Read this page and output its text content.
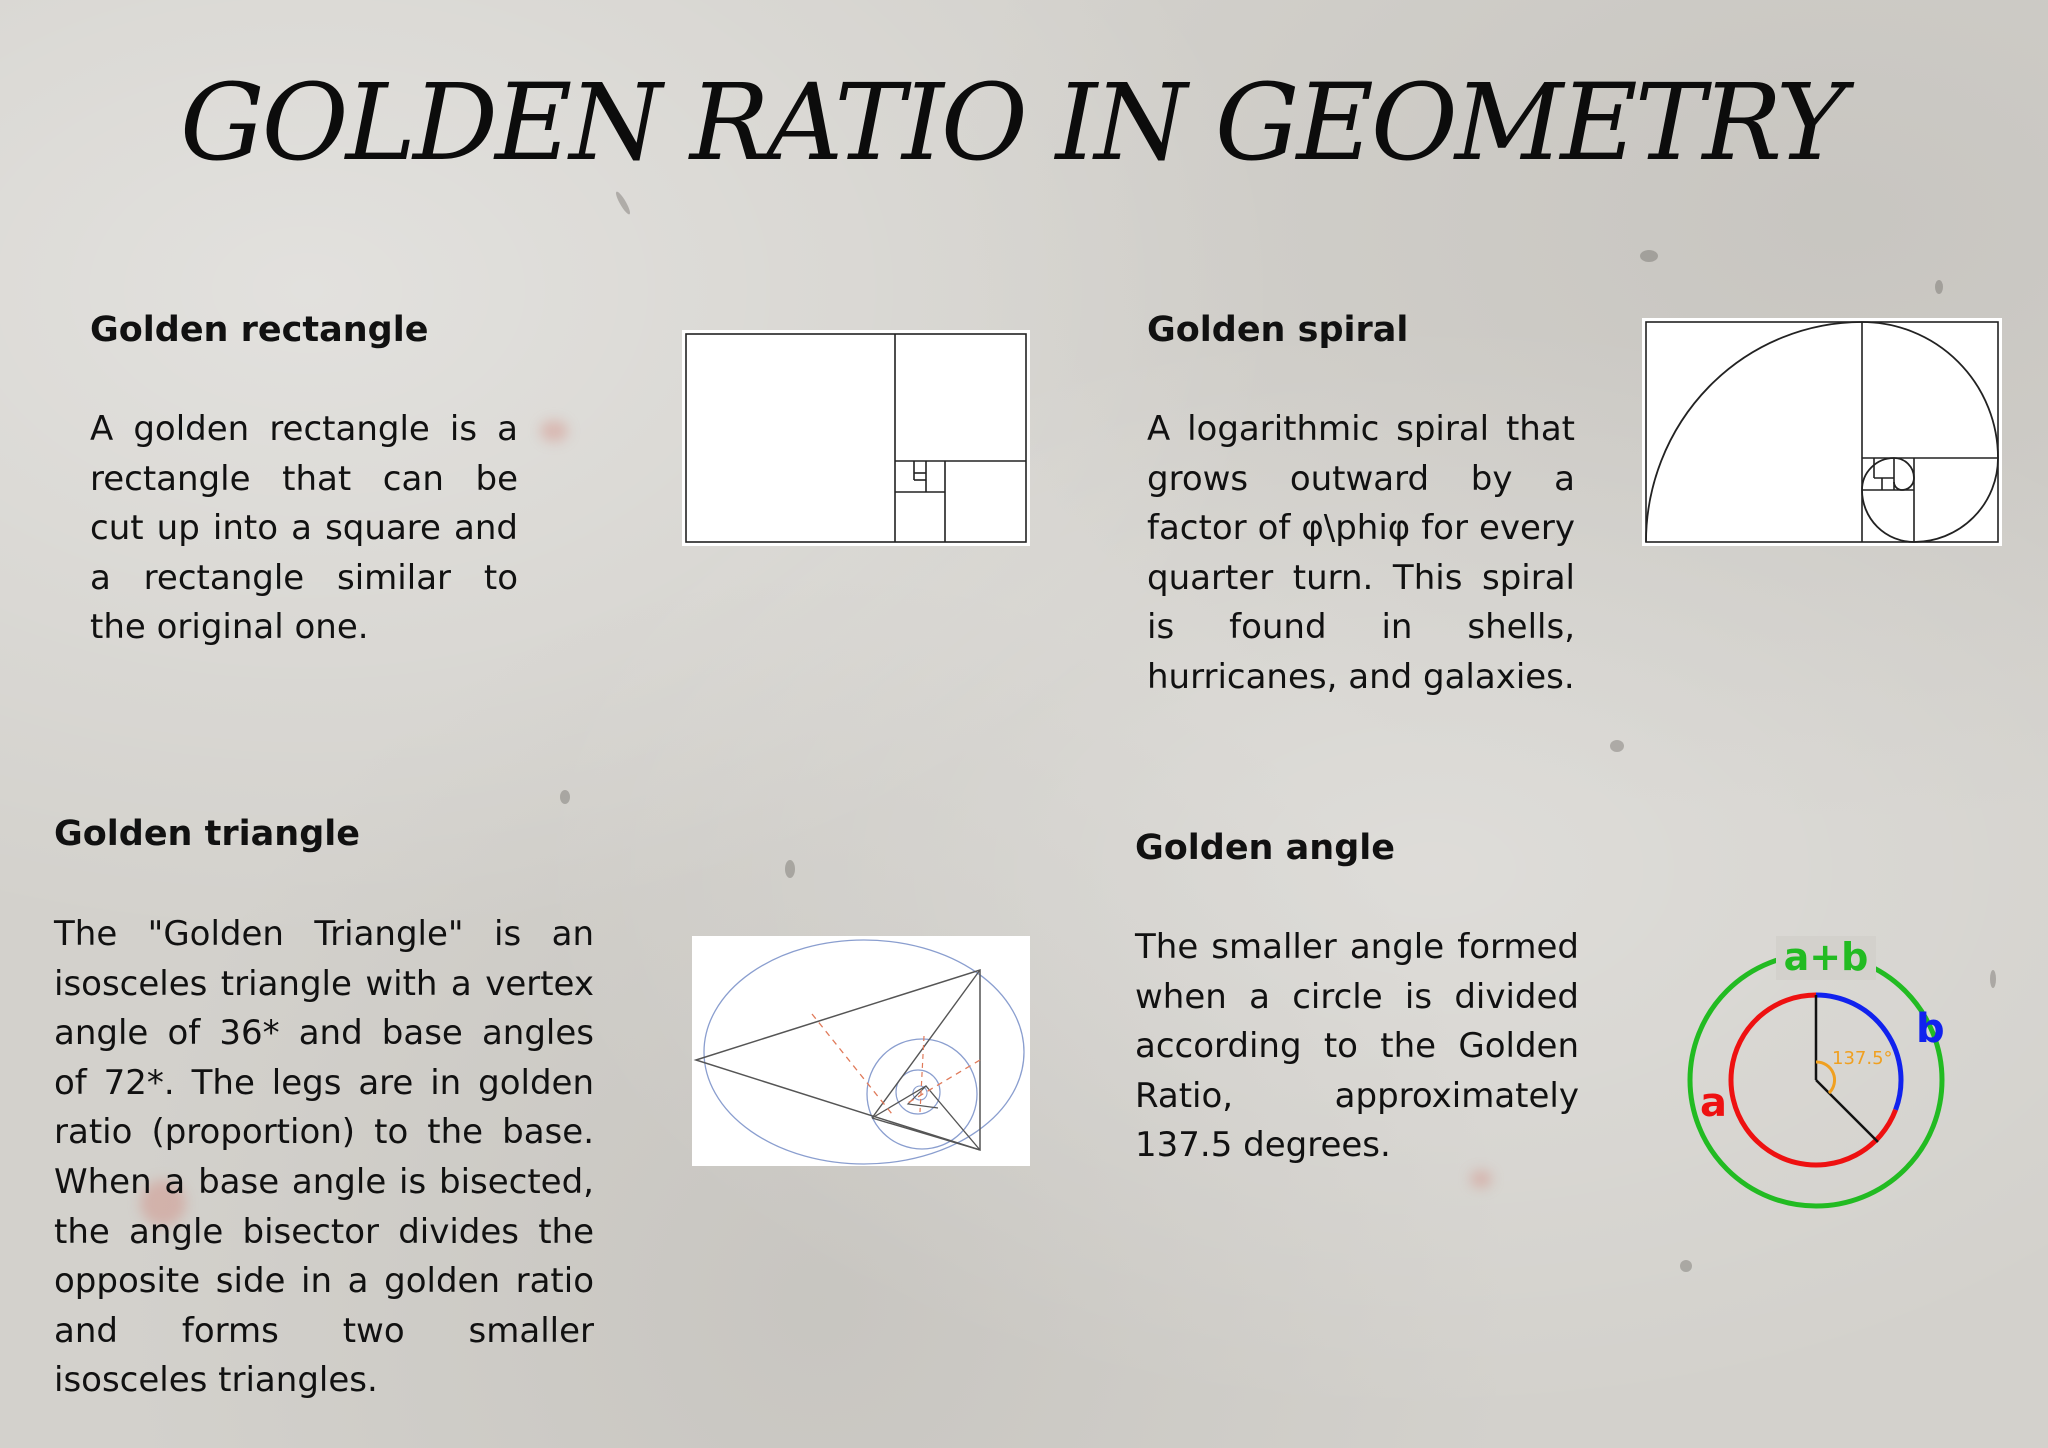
GOLDEN RATIO IN GEOMETRY
Golden rectangle
A golden rectangle is a rectangle that can be cut up into a square and a rectangle similar to the original one.
Golden spiral
A logarithmic spiral that grows outward by a factor of φ\phiφ for every quarter turn. This spiral is found in shells, hurricanes, and galaxies.
Golden triangle
The "Golden Triangle" is an isosceles triangle with a vertex angle of 36* and base angles of 72*. The legs are in golden ratio (proportion) to the base. When a base angle is bisected, the angle bisector divides the opposite side in a golden ratio and forms two smaller isosceles triangles.
Golden angle
The smaller angle formed when a circle is divided according to the Golden Ratio, approximately 137.5 degrees.
a+b
137.5°
b
a
